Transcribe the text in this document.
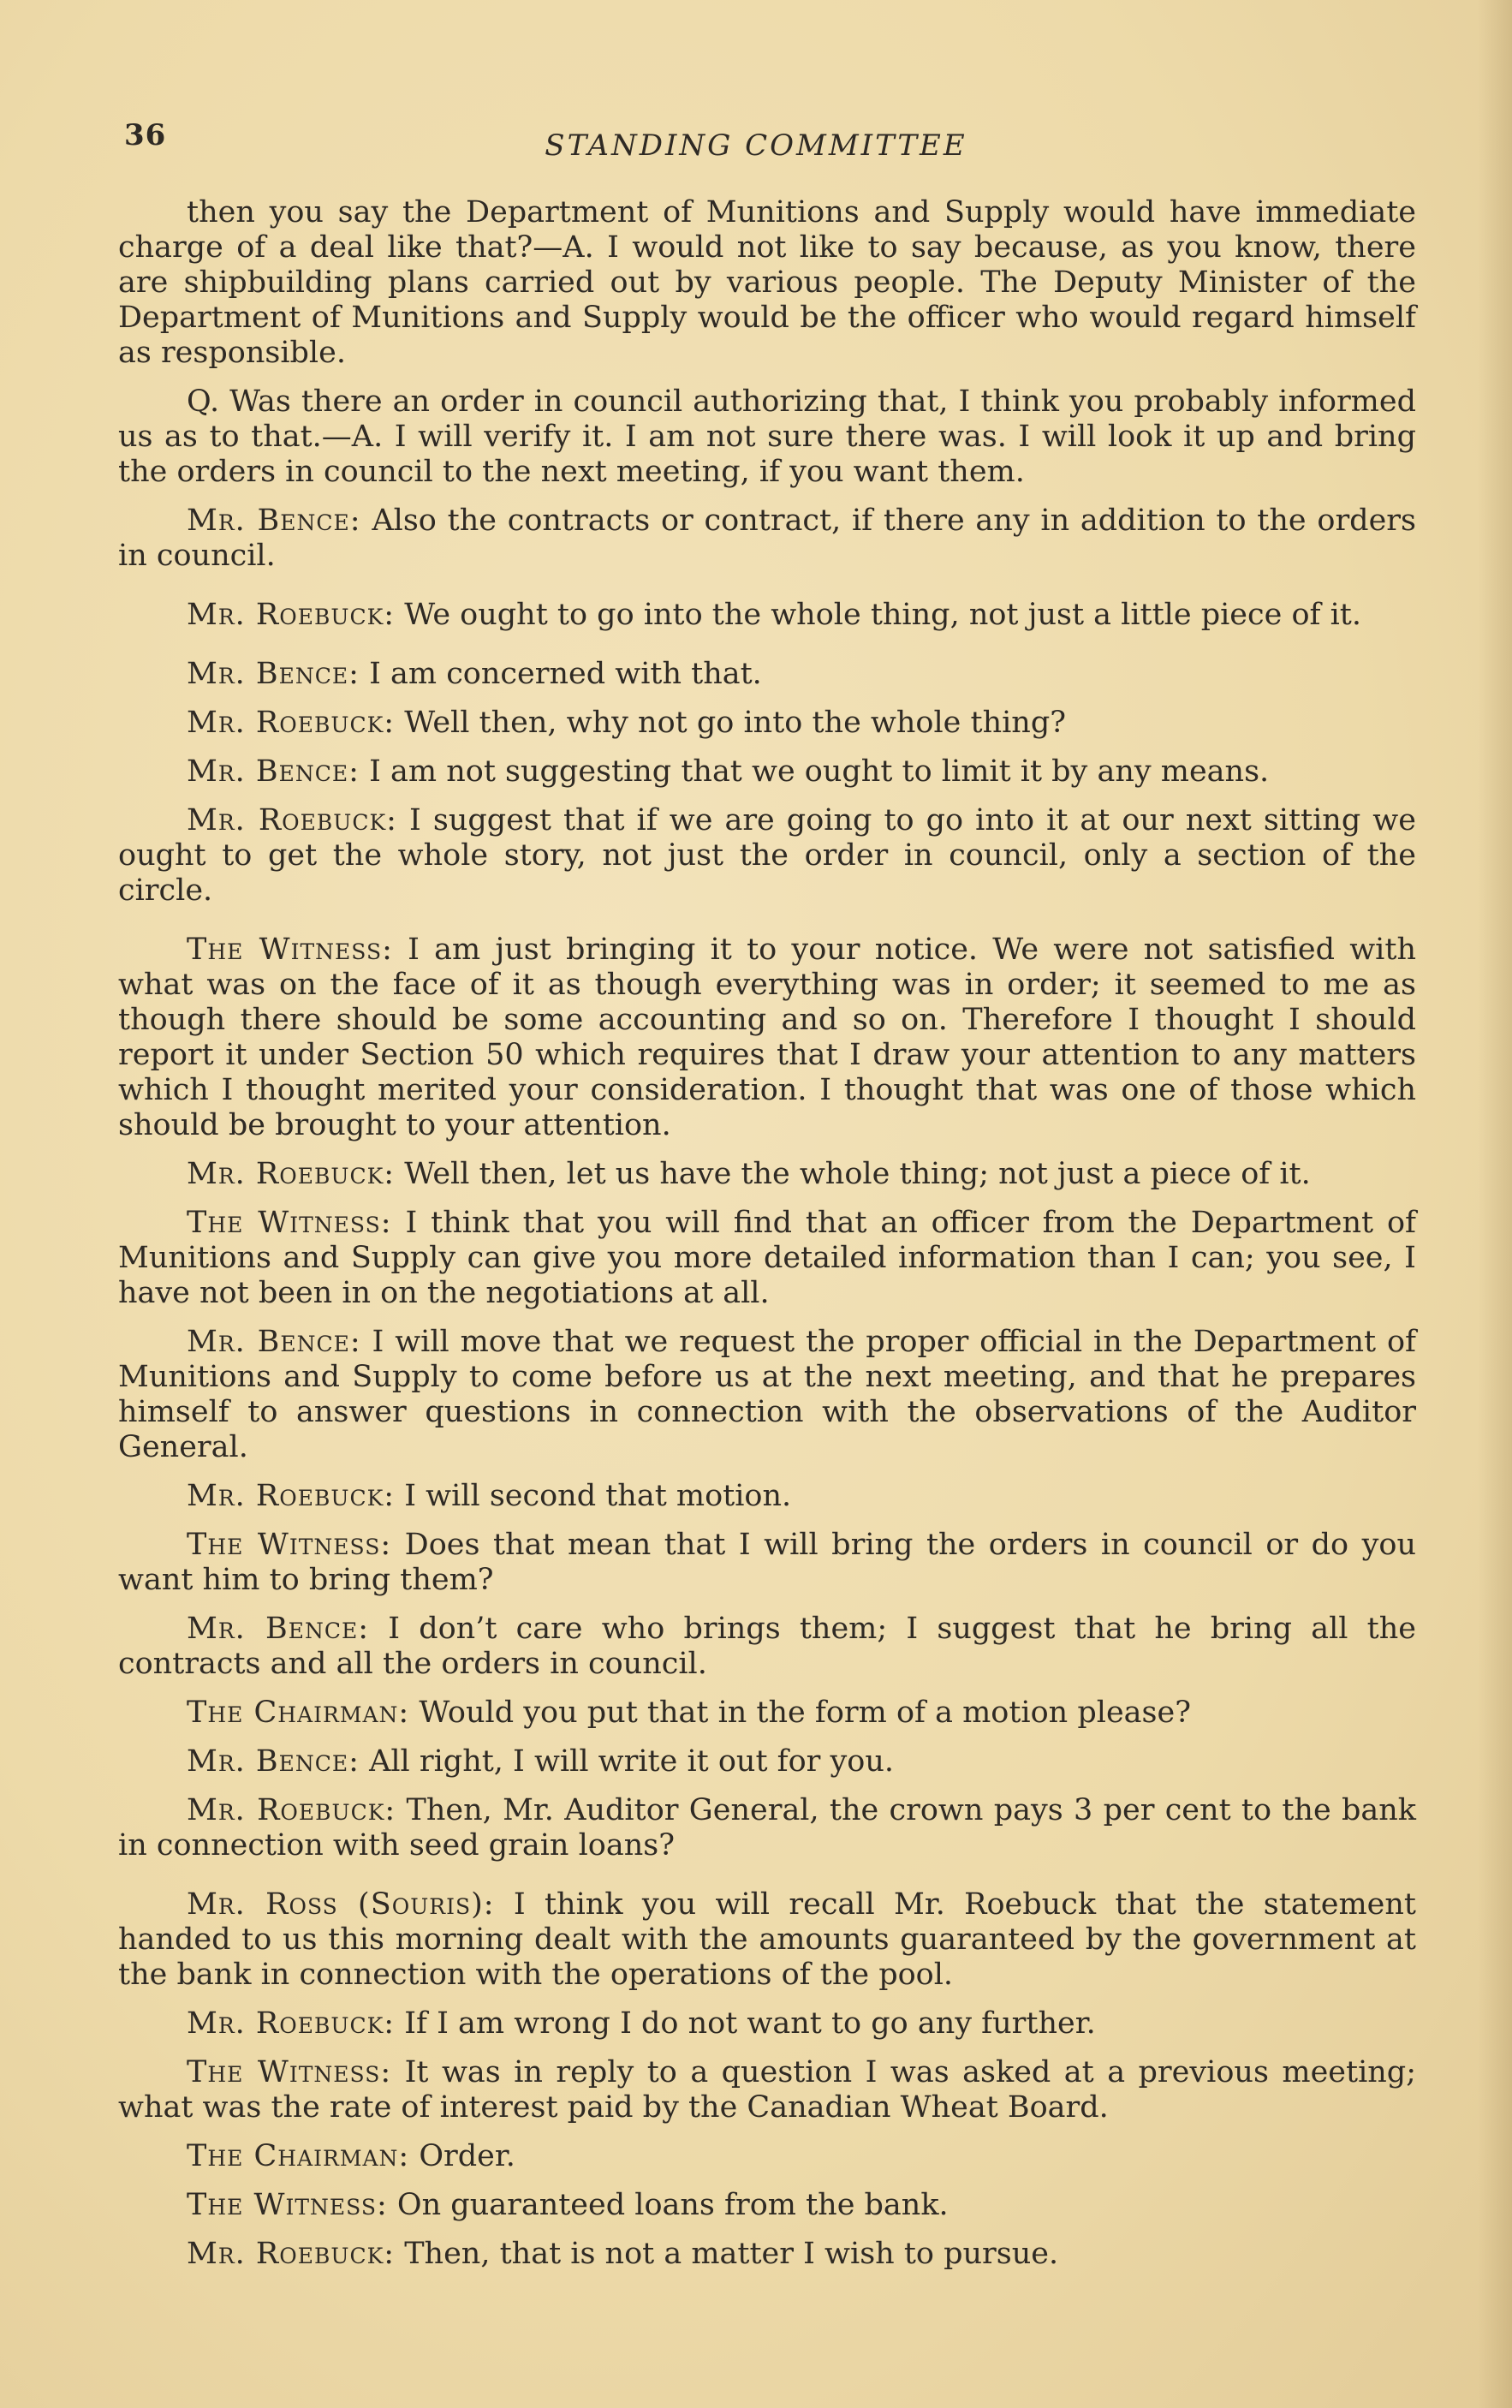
36	STANDING COMMITTEE

then you say the Department of Munitions and Supply would have immediate charge of a deal like that?—A. I would not like to say because, as you know, there are shipbuilding plans carried out by various people. The Deputy Minister of the Department of Munitions and Supply would be the officer who would regard himself as responsible.

Q. Was there an order in council authorizing that, I think you probably informed us as to that.—A. I will verify it. I am not sure there was. I will look it up and bring the orders in council to the next meeting, if you want them.

Mr. Bence: Also the contracts or contract, if there any in addition to the orders in council.

Mr. Roebuck: We ought to go into the whole thing, not just a little piece of it.

Mr. Bence: I am concerned with that.

Mr. Roebuck: Well then, why not go into the whole thing?

Mr. Bence: I am not suggesting that we ought to limit it by any means.

Mr. Roebuck: I suggest that if we are going to go into it at our next sitting we ought to get the whole story, not just the order in council, only a section of the circle.

The Witness: I am just bringing it to your notice. We were not satisfied with what was on the face of it as though everything was in order; it seemed to me as though there should be some accounting and so on. Therefore I thought I should report it under Section 50 which requires that I draw your attention to any matters which I thought merited your consideration. I thought that was one of those which should be brought to your attention.

Mr. Roebuck: Well then, let us have the whole thing; not just a piece of it.

The Witness: I think that you will find that an officer from the Department of Munitions and Supply can give you more detailed information than I can; you see, I have not been in on the negotiations at all.

Mr. Bence: I will move that we request the proper official in the Department of Munitions and Supply to come before us at the next meeting, and that he prepares himself to answer questions in connection with the observations of the Auditor General.

Mr. Roebuck: I will second that motion.

The Witness: Does that mean that I will bring the orders in council or do you want him to bring them?

Mr. Bence: I don’t care who brings them; I suggest that he bring all the contracts and all the orders in council.

The Chairman: Would you put that in the form of a motion please?

Mr. Bence: All right, I will write it out for you.

Mr. Roebuck: Then, Mr. Auditor General, the crown pays 3 per cent to the bank in connection with seed grain loans?

Mr. Ross (Souris): I think you will recall Mr. Roebuck that the statement handed to us this morning dealt with the amounts guaranteed by the government at the bank in connection with the operations of the pool.

Mr. Roebuck: If I am wrong I do not want to go any further.

The Witness: It was in reply to a question I was asked at a previous meeting; what was the rate of interest paid by the Canadian Wheat Board.

The Chairman: Order.

The Witness: On guaranteed loans from the bank.

Mr. Roebuck: Then, that is not a matter I wish to pursue.
